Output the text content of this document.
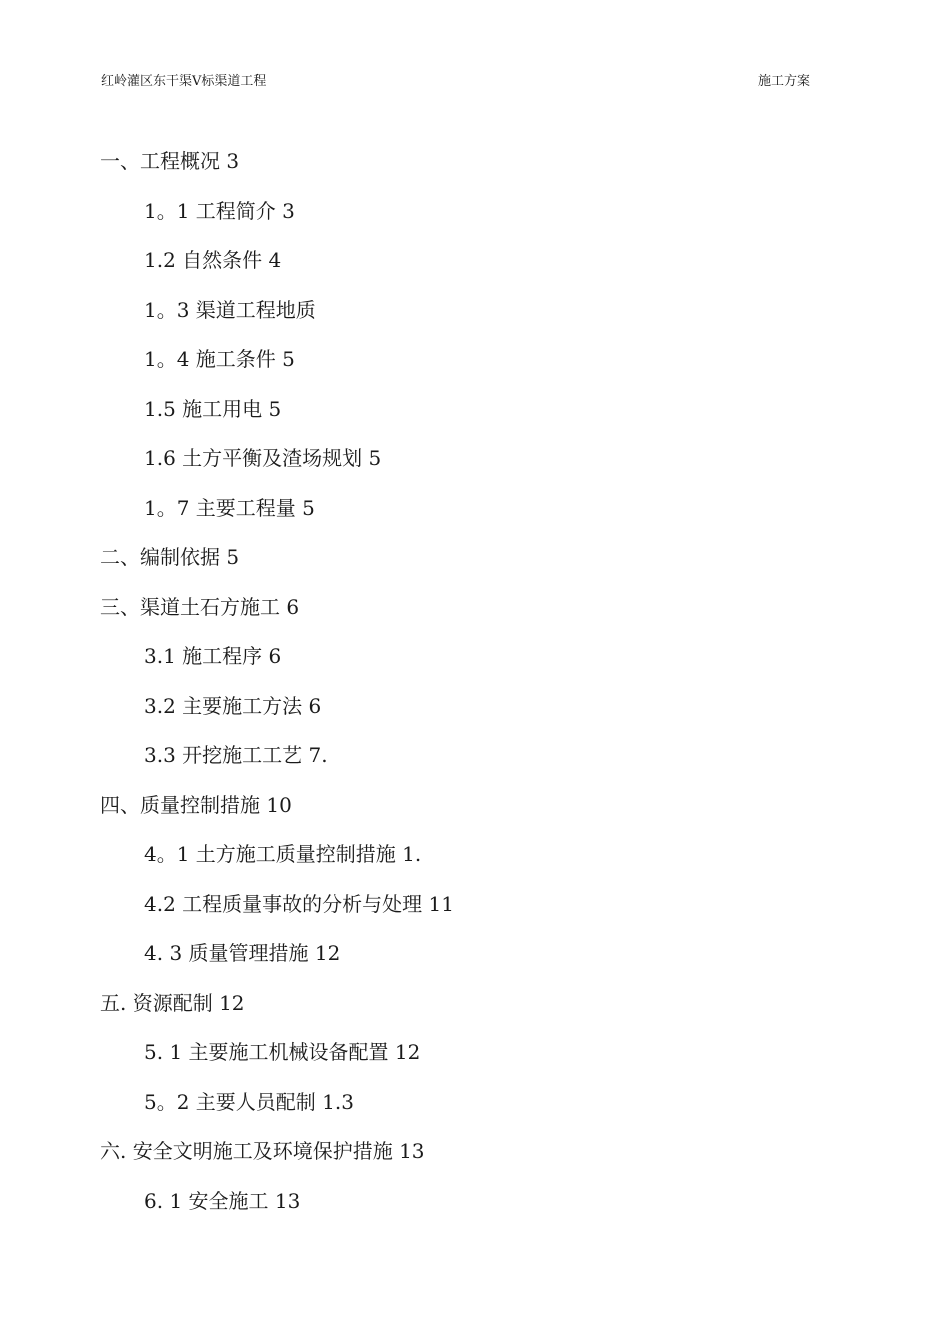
红岭灌区东干渠Ⅴ标渠道工程	施工方案
一、工程概况 3
1。1 工程简介 3
1.2 自然条件 4
1。3 渠道工程地质
1。4 施工条件 5
1.5 施工用电 5
1.6 土方平衡及渣场规划 5
1。7 主要工程量 5
二、编制依据 5
三、渠道土石方施工 6
3.1 施工程序 6
3.2 主要施工方法 6
3.3 开挖施工工艺 7.
四、质量控制措施 10
4。1 土方施工质量控制措施 1.
4.2 工程质量事故的分析与处理 11
4. 3 质量管理措施 12
五. 资源配制 12
5. 1 主要施工机械设备配置 12
5。2 主要人员配制 1.3
六. 安全文明施工及环境保护措施 13
6. 1 安全施工 13
